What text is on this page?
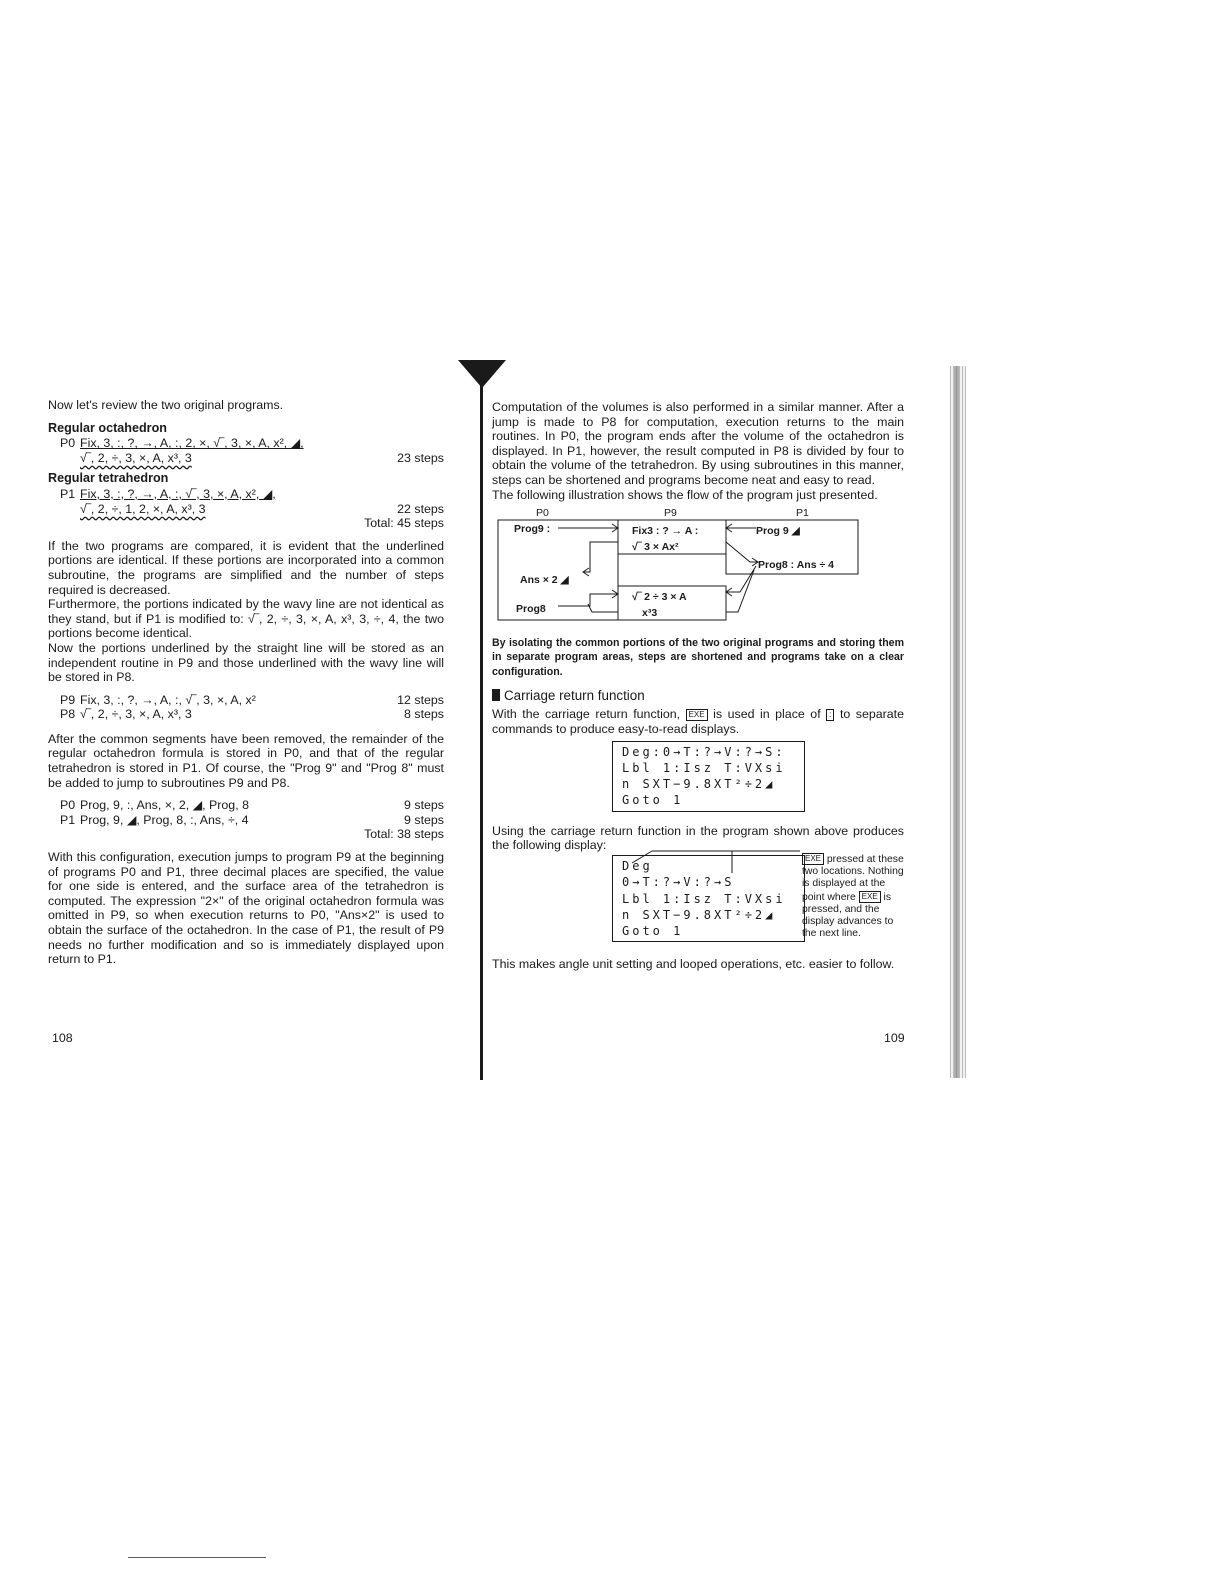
Now let's review the two original programs.

Regular octahedron
P0 Fix, 3, :, ?, →, A, :, 2, ×, √‾, 3, ×, A, x², ◢,
√‾, 2, ÷, 3, ×, A, x³, 3	23 steps
Regular tetrahedron
P1 Fix, 3, :, ?, →, A, :, √‾, 3, ×, A, x², ◢,
√‾, 2, ÷, 1, 2, ×, A, x³, 3	22 steps
Total: 45 steps

If the two programs are compared, it is evident that the underlined portions are identical. If these portions are incorporated into a common subroutine, the programs are simplified and the number of steps required is decreased.

Furthermore, the portions indicated by the wavy line are not identical as they stand, but if P1 is modified to: √‾, 2, ÷, 3, ×, A, x³, 3, ÷, 4, the two portions become identical.

Now the portions underlined by the straight line will be stored as an independent routine in P9 and those underlined with the wavy line will be stored in P8.

P9 Fix, 3, :, ?, →, A, :, √‾, 3, ×, A, x²	12 steps
P8 √‾, 2, ÷, 3, ×, A, x³, 3	8 steps

After the common segments have been removed, the remainder of the regular octahedron formula is stored in P0, and that of the regular tetrahedron is stored in P1. Of course, the "Prog 9" and "Prog 8" must be added to jump to subroutines P9 and P8.

P0 Prog, 9, :, Ans, ×, 2, ◢, Prog, 8	9 steps
P1 Prog, 9, ◢, Prog, 8, :, Ans, ÷, 4	9 steps
Total: 38 steps

With this configuration, execution jumps to program P9 at the beginning of programs P0 and P1, three decimal places are specified, the value for one side is entered, and the surface area of the tetrahedron is computed. The expression "2×" of the original octahedron formula was omitted in P9, so when execution returns to P0, "Ans×2" is used to obtain the surface of the octahedron. In the case of P1, the result of P9 needs no further modification and so is immediately displayed upon return to P1.

108

Computation of the volumes is also performed in a similar manner. After a jump is made to P8 for computation, execution returns to the main routines. In P0, the program ends after the volume of the octahedron is displayed. In P1, however, the result computed in P8 is divided by four to obtain the volume of the tetrahedron. By using subroutines in this manner, steps can be shortened and programs become neat and easy to read.

The following illustration shows the flow of the program just presented.

P0	P9	P1
Prog9 :
Ans × 2 ◢
Prog8
Fix3 : ? → A :
√‾ 3 × Ax²
√‾ 2 ÷ 3 × A
x³3
Prog 9 ◢
Prog8 : Ans ÷ 4

By isolating the common portions of the two original programs and storing them in separate program areas, steps are shortened and programs take on a clear configuration.

Carriage return function

With the carriage return function, EXE is used in place of : to separate commands to produce easy-to-read displays.

Deg:0→T:?→V:?→S:
Lbl 1:Isz T:VXsi
n SXT−9.8XT²÷2◢
Goto 1

Using the carriage return function in the program shown above produces the following display:

Deg
0→T:?→V:?→S
Lbl 1:Isz T:VXsi
n SXT−9.8XT²÷2◢
Goto 1
EXE pressed at these two locations. Nothing is displayed at the point where EXE is pressed, and the display advances to the next line.

This makes angle unit setting and looped operations, etc. easier to follow.

109
